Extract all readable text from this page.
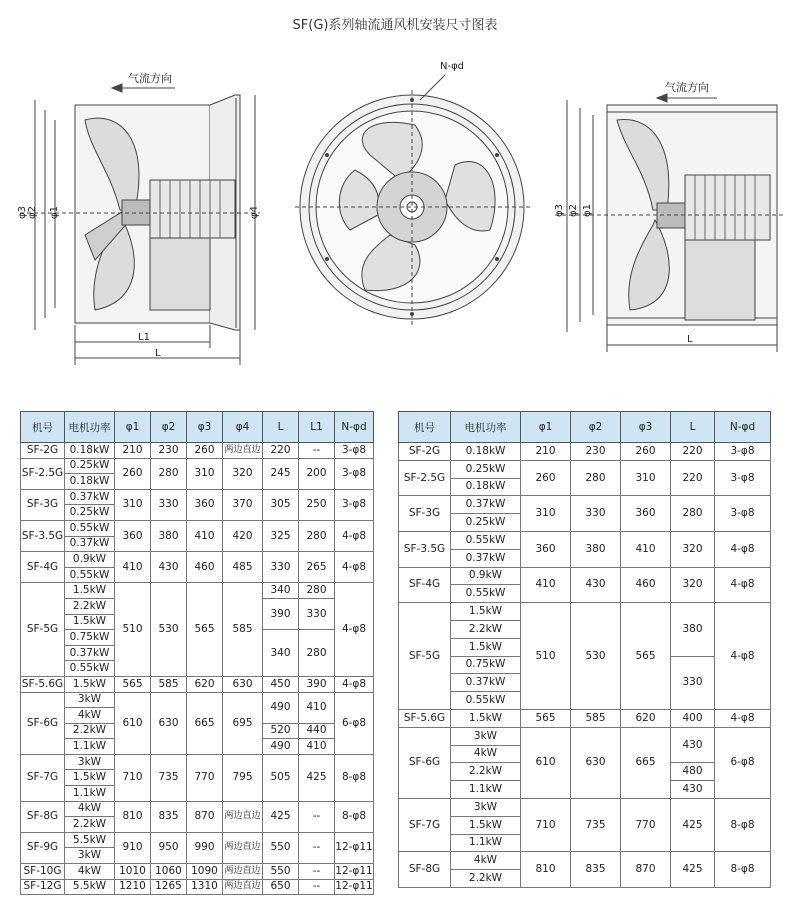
SF(G)系列轴流通风机安装尺寸图表
气流方向
φ3 φ2 φ1	φ4
L1
L
N-φd
气流方向
φ3 φ2 φ1
L
机号	电机功率	φ1	φ2	φ3	φ4	L	L1	N-φd
SF-2G	0.18kW	210	230	260	两边直边	220	--	3-φ8
SF-2.5G	0.25kW	260	280	310	320	245	200	3-φ8
	0.18kW							
SF-3G	0.37kW	310	330	360	370	305	250	3-φ8
	0.25kW							
SF-3.5G	0.55kW	360	380	410	420	325	280	4-φ8
	0.37kW							
SF-4G	0.9kW	410	430	460	485	330	265	4-φ8
	0.55kW							
SF-5G	1.5kW	510	530	565	585	340	280	4-φ8
	2.2kW					390	330	
	1.5kW							
	0.75kW					340	280	
	0.37kW							
	0.55kW							
SF-5.6G	1.5kW	565	585	620	630	450	390	4-φ8
SF-6G	3kW	610	630	665	695	490	410	6-φ8
	4kW							
	2.2kW					520	440	
	1.1kW					490	410	
SF-7G	3kW	710	735	770	795	505	425	8-φ8
	1.5kW							
	1.1kW							
SF-8G	4kW	810	835	870	两边直边	425	--	8-φ8
	2.2kW							
SF-9G	5.5kW	910	950	990	两边直边	550	--	12-φ11
	3kW							
SF-10G	4kW	1010	1060	1090	两边直边	550	--	12-φ11
SF-12G	5.5kW	1210	1265	1310	两边直边	650	--	12-φ11
机号	电机功率	φ1	φ2	φ3	L	N-φd
SF-2G	0.18kW	210	230	260	220	3-φ8
SF-2.5G	0.25kW	260	280	310	220	3-φ8
	0.18kW					
SF-3G	0.37kW	310	330	360	280	3-φ8
	0.25kW					
SF-3.5G	0.55kW	360	380	410	320	4-φ8
	0.37kW					
SF-4G	0.9kW	410	430	460	320	4-φ8
	0.55kW					
SF-5G	1.5kW	510	530	565	380	4-φ8
	2.2kW					
	1.5kW					
	0.75kW				330	
	0.37kW					
	0.55kW					
SF-5.6G	1.5kW	565	585	620	400	4-φ8
SF-6G	3kW	610	630	665	430	6-φ8
	4kW					
	2.2kW				480	
	1.1kW				430	
SF-7G	3kW	710	735	770	425	8-φ8
	1.5kW					
	1.1kW					
SF-8G	4kW	810	835	870	425	8-φ8
	2.2kW					
